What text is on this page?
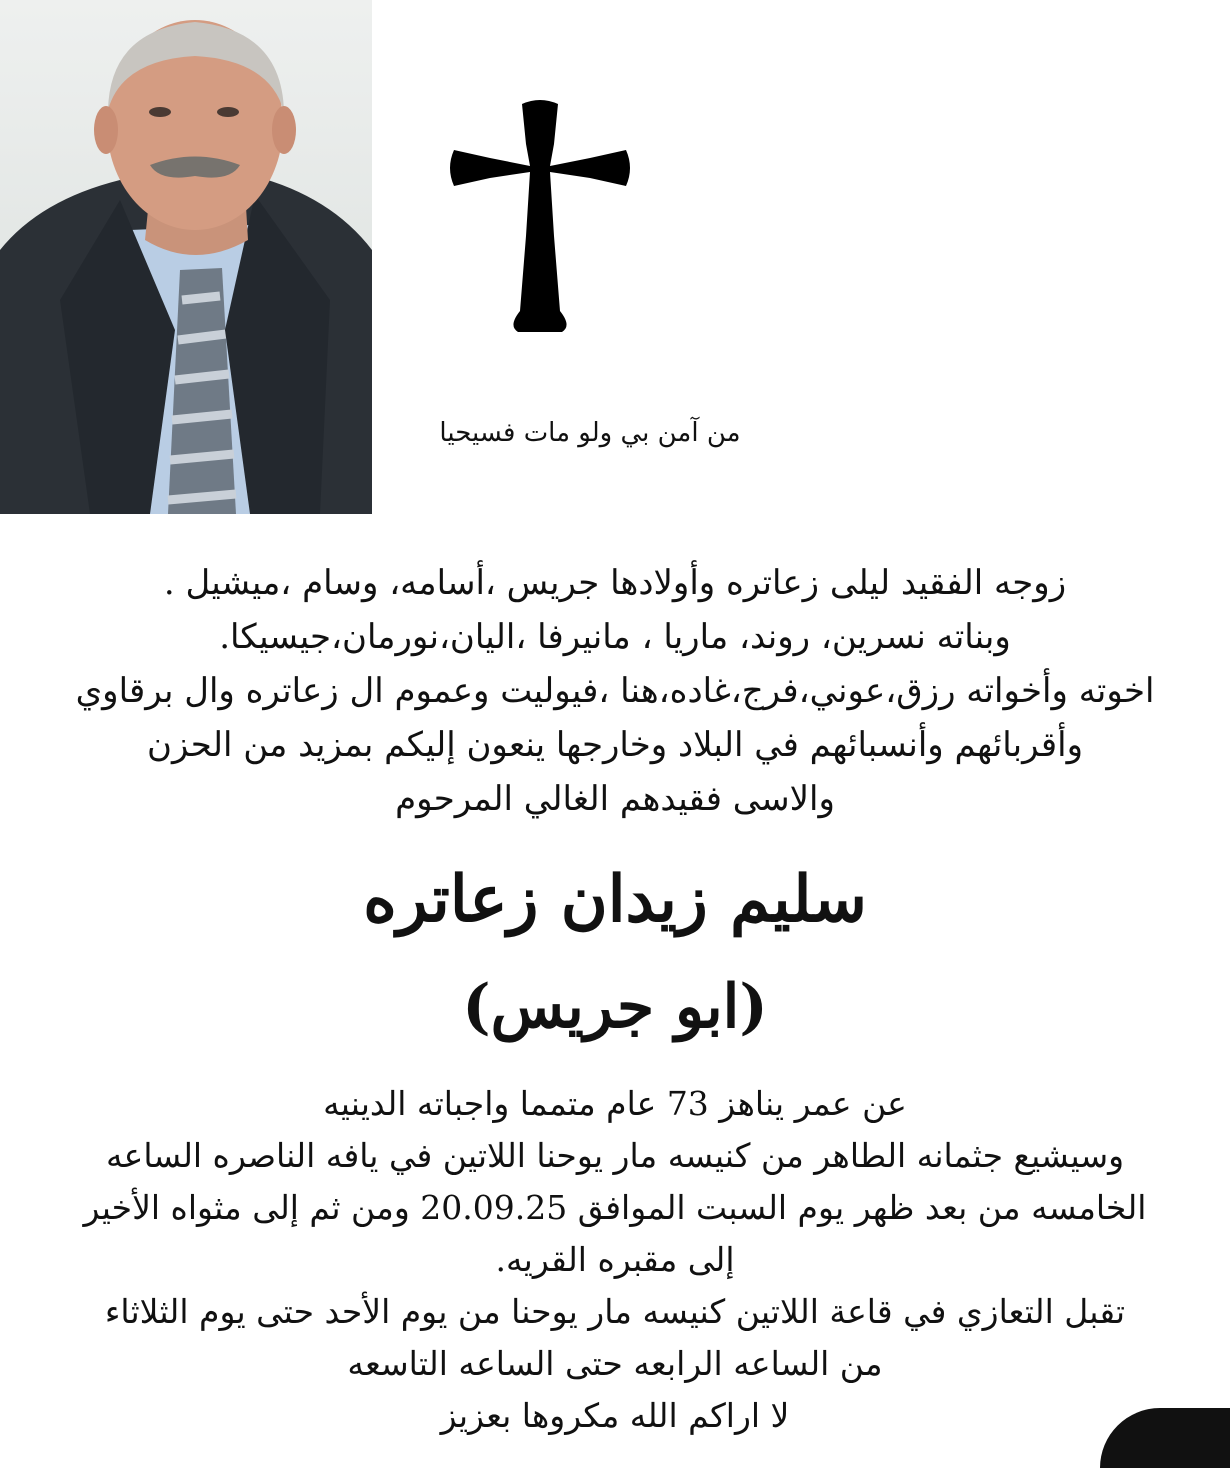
من آمن بي ولو مات فسيحيا
زوجه الفقيد ليلى زعاتره وأولادها جريس ،أسامه، وسام ،ميشيل .
وبناته نسرين، روند، ماريا ، مانيرفا ،اليان،نورمان،جيسيكا.
اخوته وأخواته رزق،عوني،فرج،غاده،هنا ،فيوليت وعموم ال زعاتره وال برقاوي
وأقربائهم وأنسبائهم في البلاد وخارجها ينعون إليكم بمزيد من الحزن
والاسى فقيدهم الغالي المرحوم
سليم زيدان زعاتره
(ابو جريس)
عن عمر يناهز 73 عام متمما واجباته الدينيه
وسيشيع جثمانه الطاهر من كنيسه مار يوحنا اللاتين في يافه الناصره الساعه
الخامسه من بعد ظهر يوم السبت الموافق 20.09.25 ومن ثم إلى مثواه الأخير
إلى مقبره القريه.
تقبل التعازي في قاعة اللاتين كنيسه مار يوحنا من يوم الأحد حتى يوم الثلاثاء
من الساعه الرابعه حتى الساعه التاسعه
لا اراكم الله مكروها بعزيز
